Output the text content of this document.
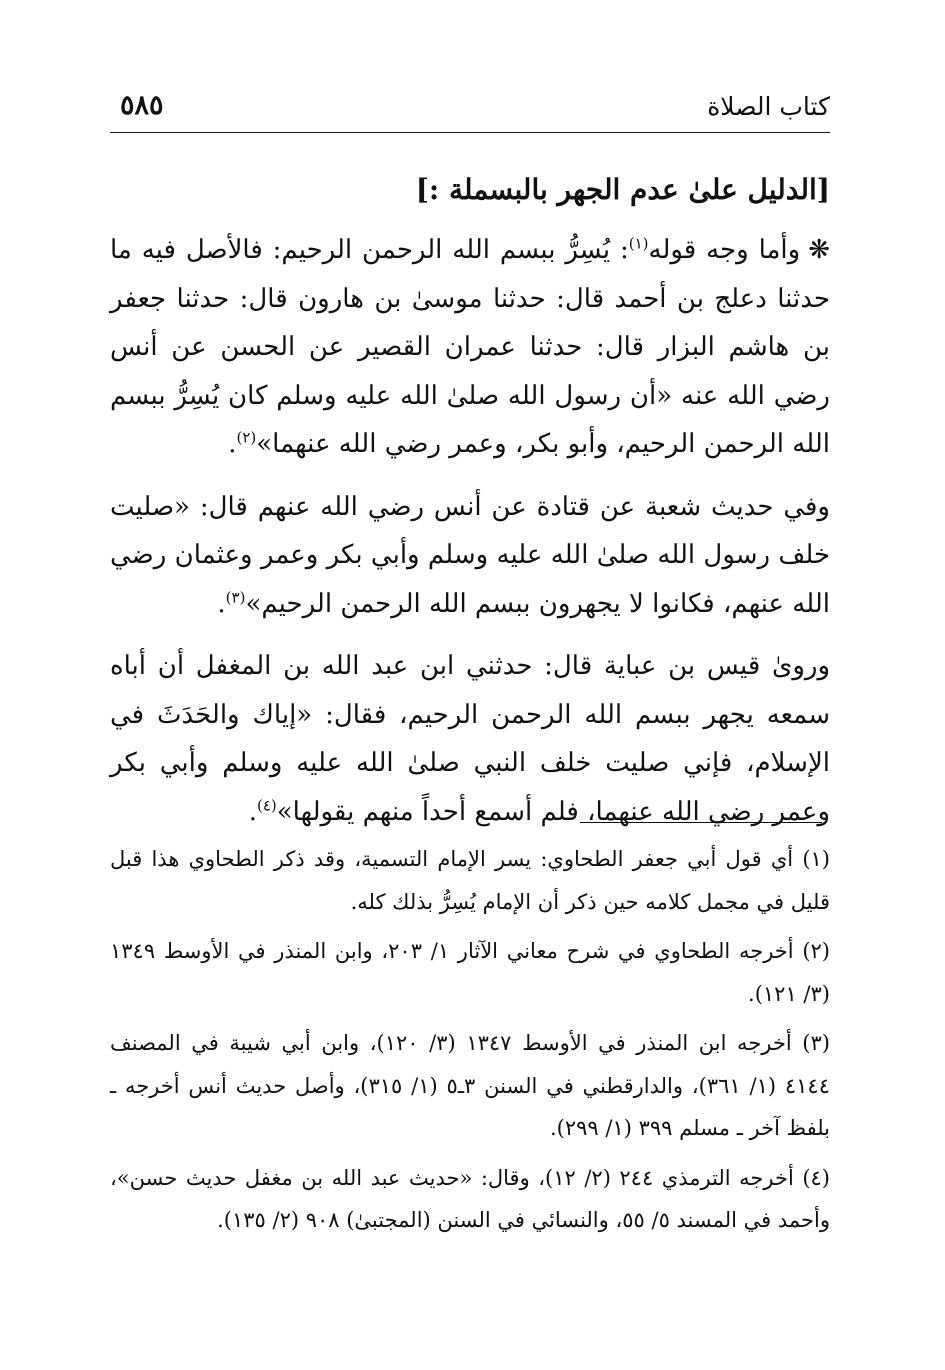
كتاب الصلاة
٥٨٥
[الدليل علىٰ عدم الجهر بالبسملة :]

❋وأما وجه قوله$^{(١)}$: يُسِرُّ ببسم الله الرحمن الرحيم: فالأصل فيه ما حدثنا دعلج بن أحمد قال: حدثنا موسىٰ بن هارون قال: حدثنا جعفر بن هاشم البزار قال: حدثنا عمران القصير عن الحسن عن أنس رضي الله عنه «أن رسول الله صلىٰ الله عليه وسلم كان يُسِرُّ ببسم الله الرحمن الرحيم، وأبو بكر، وعمر رضي الله عنهما»$^{(٢)}$.

وفي حديث شعبة عن قتادة عن أنس رضي الله عنهم قال: «صليت خلف رسول الله صلىٰ الله عليه وسلم وأبي بكر وعمر وعثمان رضي الله عنهم، فكانوا لا يجهرون ببسم الله الرحمن الرحيم»$^{(٣)}$.

ورویٰ قيس بن عباية قال: حدثني ابن عبد الله بن المغفل أن أباه سمعه يجهر ببسم الله الرحمن الرحيم، فقال: «إياك والحَدَثَ في الإسلام، فإني صليت خلف النبي صلىٰ الله عليه وسلم وأبي بكر وعمر رضي الله عنهما، فلم أسمع أحداً منهم يقولها»$^{(٤)}$.

(١) أي قول أبي جعفر الطحاوي: يسر الإمام التسمية، وقد ذكر الطحاوي هذا قبل قليل في مجمل كلامه حين ذكر أن الإمام يُسِرُّ بذلك كله.

(٢) أخرجه الطحاوي في شرح معاني الآثار ١/ ٢٠٣، وابن المنذر في الأوسط ١٣٤٩ (٣/ ١٢١).

(٣) أخرجه ابن المنذر في الأوسط ١٣٤٧ (٣/ ١٢٠)، وابن أبي شيبة في المصنف ٤١٤٤ (١/ ٣٦١)، والدارقطني في السنن ٣ـ٥ (١/ ٣١٥)، وأصل حديث أنس أخرجه ـ بلفظ آخر ـ مسلم ٣٩٩ (١/ ٢٩٩).

(٤) أخرجه الترمذي ٢٤٤ (٢/ ١٢)، وقال: «حديث عبد الله بن مغفل حديث حسن»، وأحمد في المسند ٥/ ٥٥، والنسائي في السنن (المجتبىٰ) ٩٠٨ (٢/ ١٣٥).
